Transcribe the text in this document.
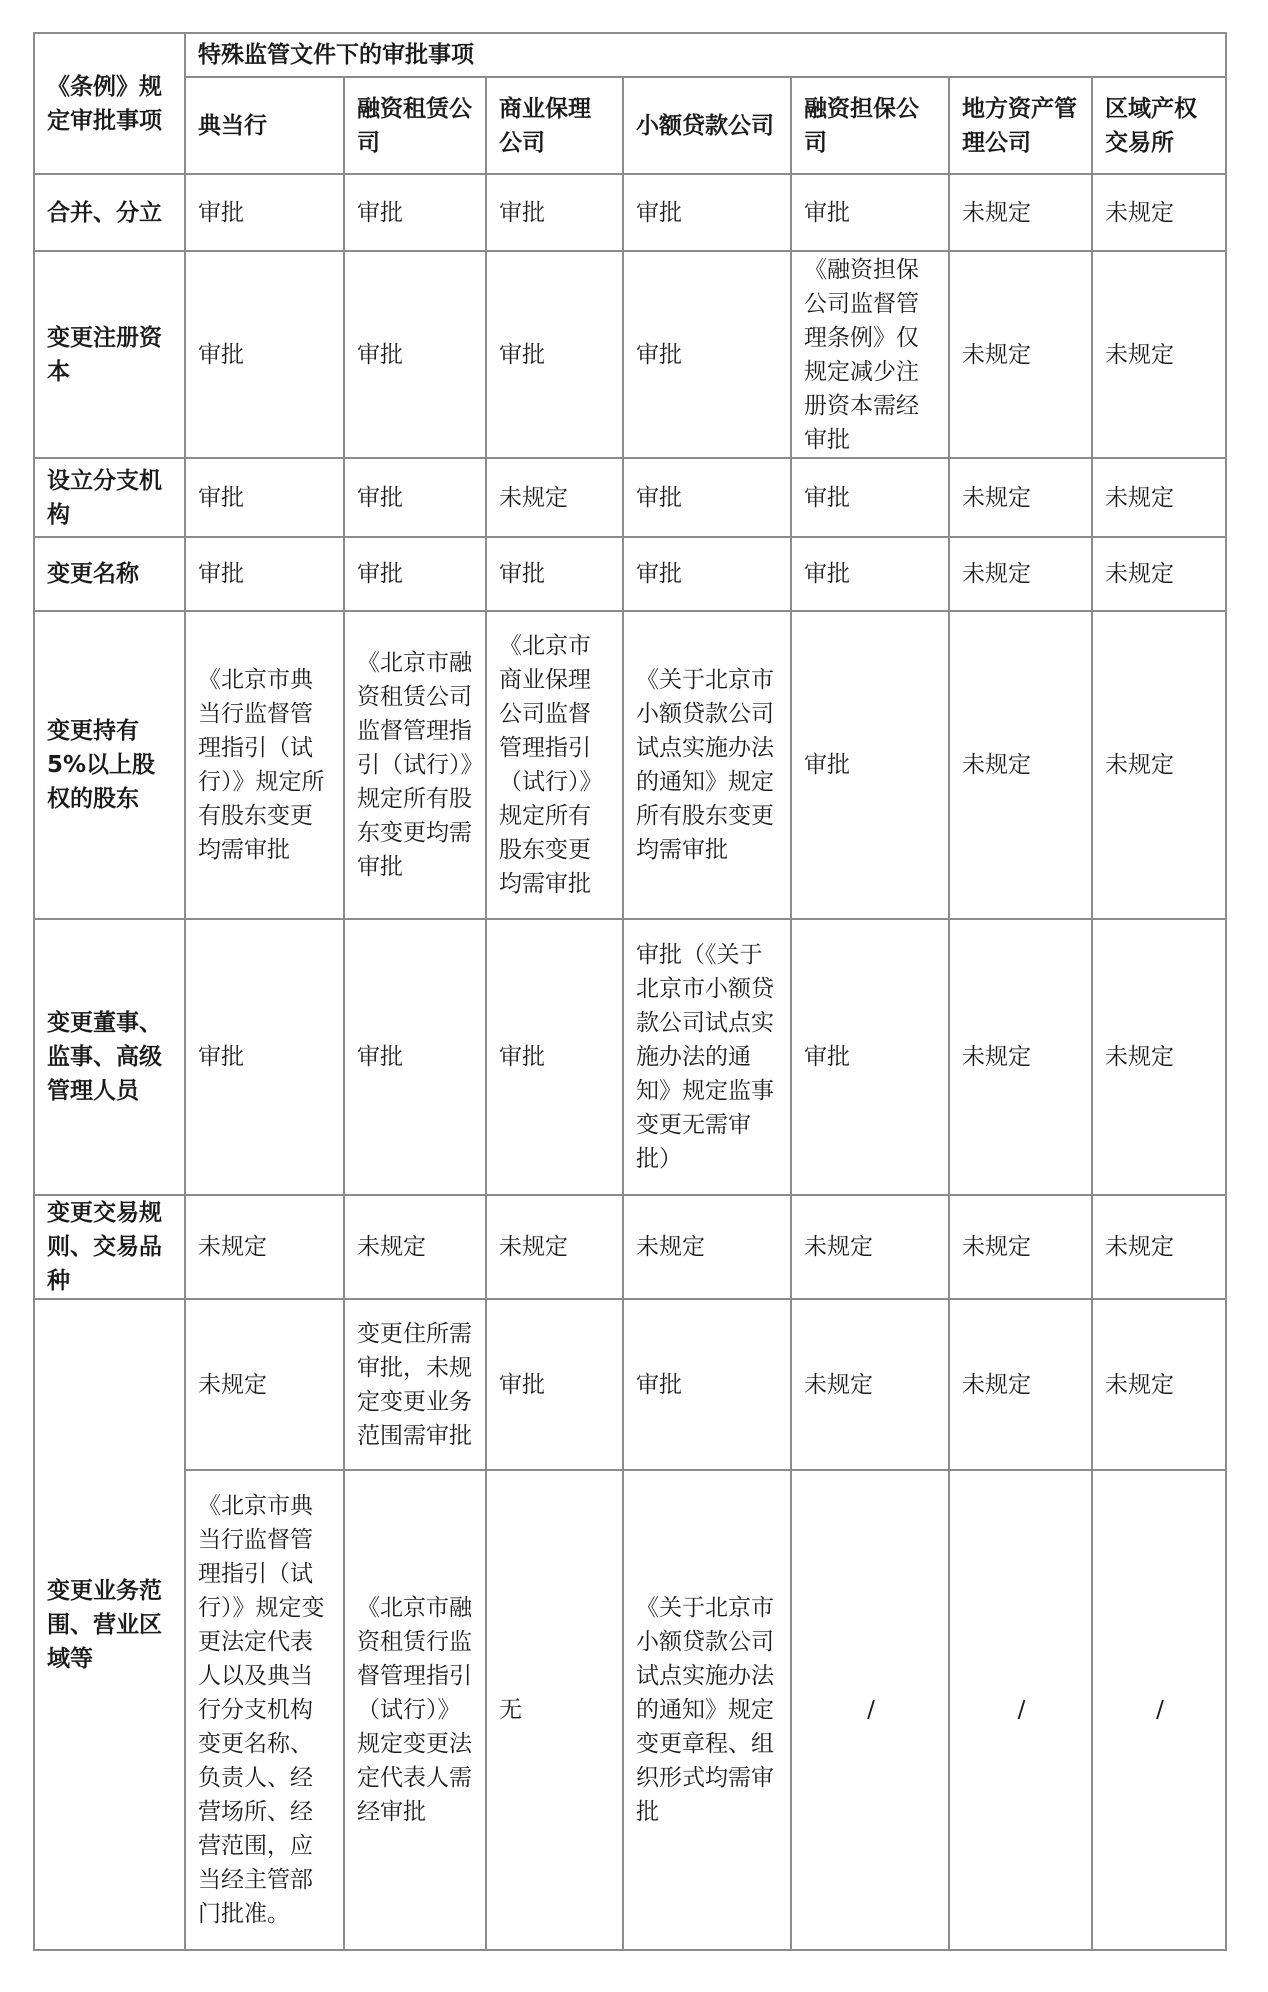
《条例》规定审批事项	特殊监管文件下的审批事项						
	典当行	融资租赁公司	商业保理公司	小额贷款公司	融资担保公司	地方资产管理公司	区域产权交易所
合并、分立	审批	审批	审批	审批	审批	未规定	未规定
变更注册资本	审批	审批	审批	审批	《融资担保公司监督管理条例》仅规定减少注册资本需经审批	未规定	未规定
设立分支机构	审批	审批	未规定	审批	审批	未规定	未规定
变更名称	审批	审批	审批	审批	审批	未规定	未规定
变更持有5%以上股权的股东	《北京市典当行监督管理指引（试行）》规定所有股东变更均需审批	《北京市融资租赁公司监督管理指引（试行）》规定所有股东变更均需审批	《北京市商业保理公司监督管理指引（试行）》规定所有股东变更均需审批	《关于北京市小额贷款公司试点实施办法的通知》规定所有股东变更均需审批	审批	未规定	未规定
变更董事、监事、高级管理人员	审批	审批	审批	审批（《关于北京市小额贷款公司试点实施办法的通知》规定监事变更无需审批）	审批	未规定	未规定
变更交易规则、交易品种	未规定	未规定	未规定	未规定	未规定	未规定	未规定
变更业务范围、营业区域等	未规定	变更住所需审批，未规定变更业务范围需审批	审批	审批	未规定	未规定	未规定
	《北京市典当行监督管理指引（试行）》规定变更法定代表人以及典当行分支机构变更名称、负责人、经营场所、经营范围，应当经主管部门批准。	《北京市融资租赁行监督管理指引（试行）》规定变更法定代表人需经审批	无	《关于北京市小额贷款公司试点实施办法的通知》规定变更章程、组织形式均需审批	/	/	/
